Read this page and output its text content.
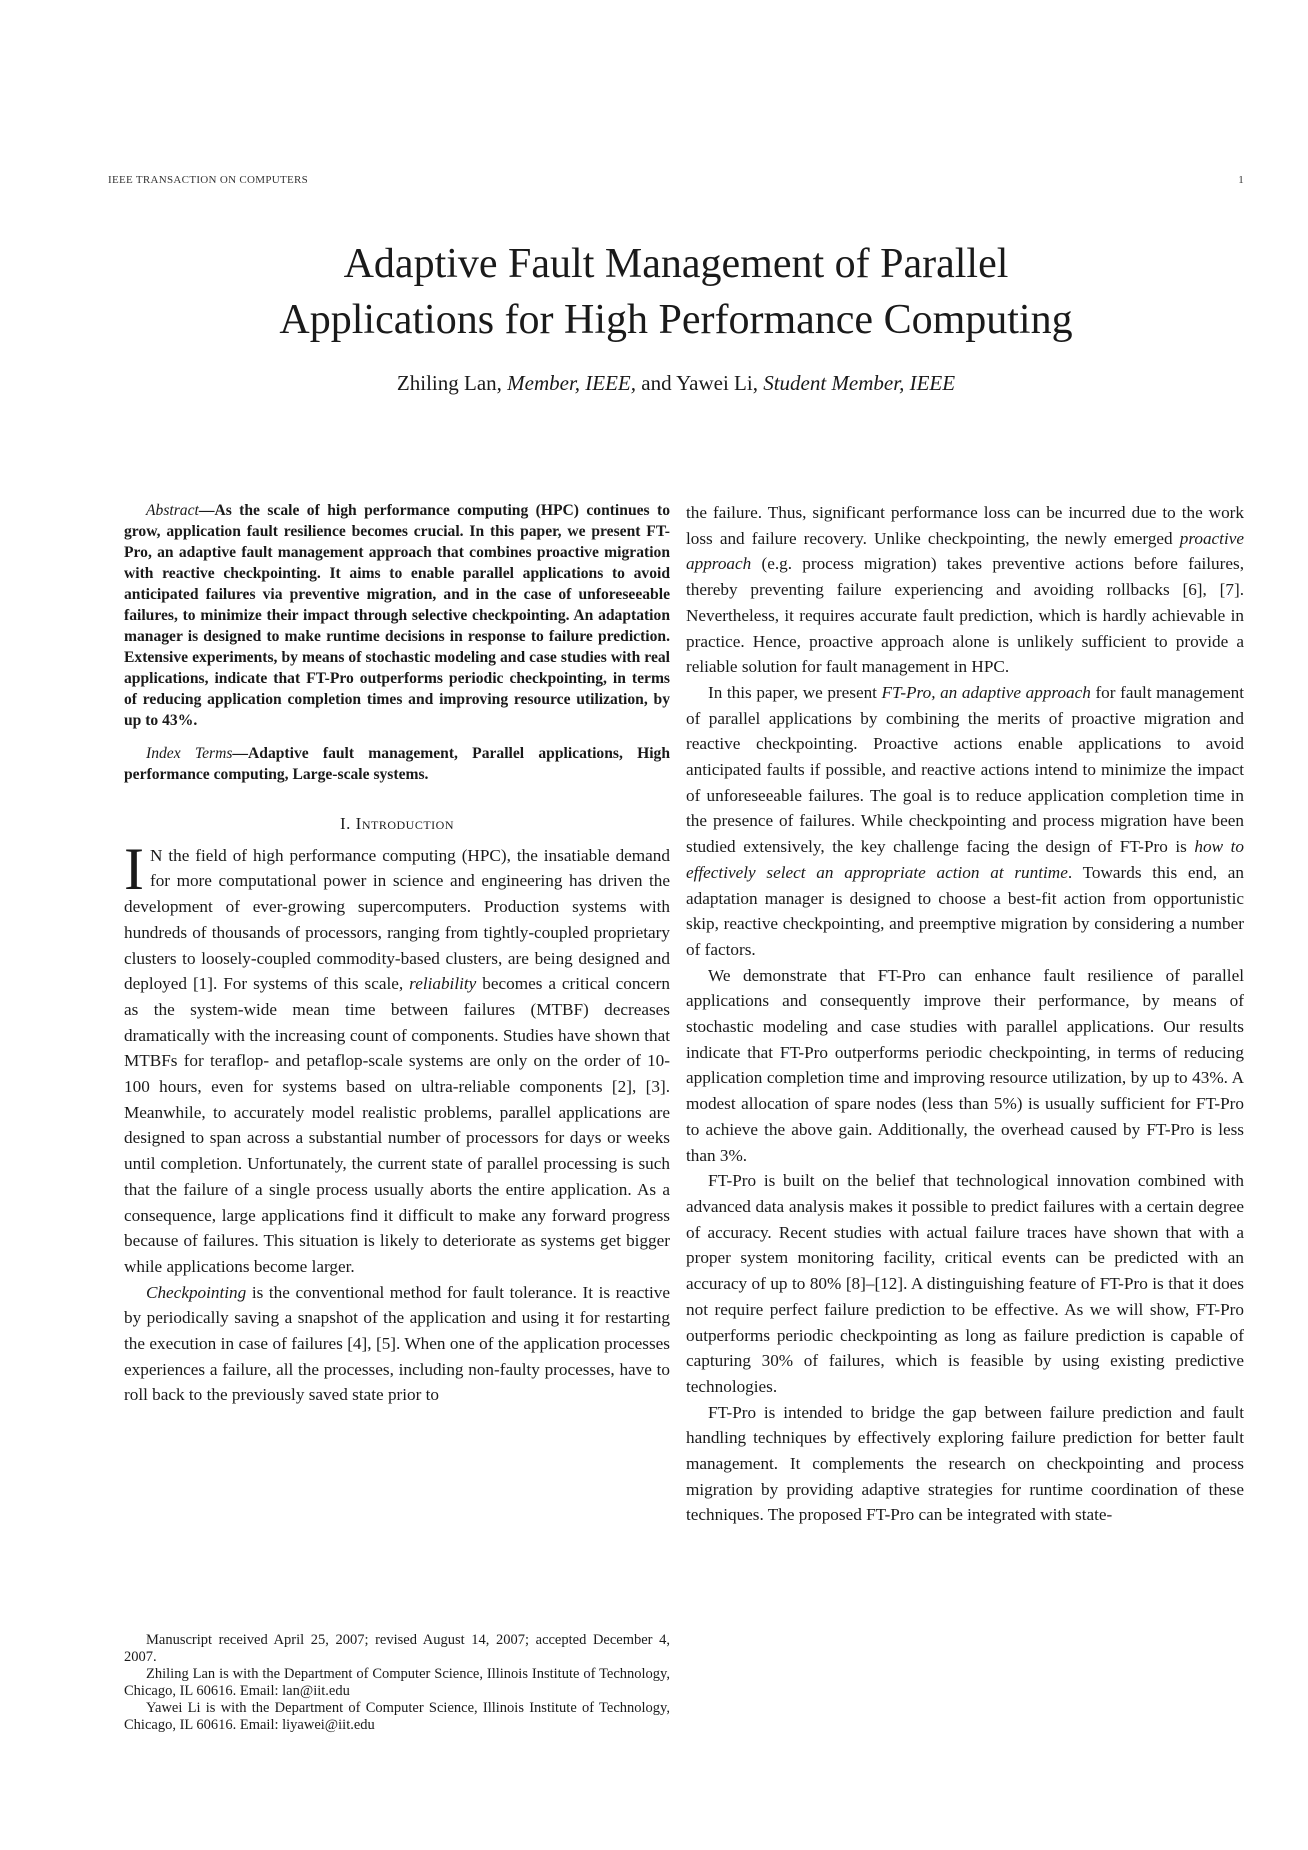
IEEE TRANSACTION ON COMPUTERS	1
Adaptive Fault Management of Parallel
Applications for High Performance Computing
Zhiling Lan, Member, IEEE, and Yawei Li, Student Member, IEEE

Abstract—As the scale of high performance computing (HPC) continues to grow, application fault resilience becomes crucial. In this paper, we present FT-Pro, an adaptive fault management approach that combines proactive migration with reactive checkpointing. It aims to enable parallel applications to avoid anticipated failures via preventive migration, and in the case of unforeseeable failures, to minimize their impact through selective checkpointing. An adaptation manager is designed to make runtime decisions in response to failure prediction. Extensive experiments, by means of stochastic modeling and case studies with real applications, indicate that FT-Pro outperforms periodic checkpointing, in terms of reducing application completion times and improving resource utilization, by up to 43%.

Index Terms—Adaptive fault management, Parallel applications, High performance computing, Large-scale systems.

I. Introduction

I N the field of high performance computing (HPC), the insatiable demand for more computational power in science and engineering has driven the development of ever-growing supercomputers. Production systems with hundreds of thousands of processors, ranging from tightly-coupled proprietary clusters to loosely-coupled commodity-based clusters, are being designed and deployed [1]. For systems of this scale, reliability becomes a critical concern as the system-wide mean time between failures (MTBF) decreases dramatically with the increasing count of components. Studies have shown that MTBFs for teraflop- and petaflop-scale systems are only on the order of 10-100 hours, even for systems based on ultra-reliable components [2], [3]. Meanwhile, to accurately model realistic problems, parallel applications are designed to span across a substantial number of processors for days or weeks until completion. Unfortunately, the current state of parallel processing is such that the failure of a single process usually aborts the entire application. As a consequence, large applications find it difficult to make any forward progress because of failures. This situation is likely to deteriorate as systems get bigger while applications become larger.

Checkpointing is the conventional method for fault tolerance. It is reactive by periodically saving a snapshot of the application and using it for restarting the execution in case of failures [4], [5]. When one of the application processes experiences a failure, all the processes, including non-faulty processes, have to roll back to the previously saved state prior to

Manuscript received April 25, 2007; revised August 14, 2007; accepted December 4, 2007.

Zhiling Lan is with the Department of Computer Science, Illinois Institute of Technology, Chicago, IL 60616. Email: lan@iit.edu

Yawei Li is with the Department of Computer Science, Illinois Institute of Technology, Chicago, IL 60616. Email: liyawei@iit.edu

the failure. Thus, significant performance loss can be incurred due to the work loss and failure recovery. Unlike checkpointing, the newly emerged proactive approach (e.g. process migration) takes preventive actions before failures, thereby preventing failure experiencing and avoiding rollbacks [6], [7]. Nevertheless, it requires accurate fault prediction, which is hardly achievable in practice. Hence, proactive approach alone is unlikely sufficient to provide a reliable solution for fault management in HPC.

In this paper, we present FT-Pro, an adaptive approach for fault management of parallel applications by combining the merits of proactive migration and reactive checkpointing. Proactive actions enable applications to avoid anticipated faults if possible, and reactive actions intend to minimize the impact of unforeseeable failures. The goal is to reduce application completion time in the presence of failures. While checkpointing and process migration have been studied extensively, the key challenge facing the design of FT-Pro is how to effectively select an appropriate action at runtime. Towards this end, an adaptation manager is designed to choose a best-fit action from opportunistic skip, reactive checkpointing, and preemptive migration by considering a number of factors.

We demonstrate that FT-Pro can enhance fault resilience of parallel applications and consequently improve their performance, by means of stochastic modeling and case studies with parallel applications. Our results indicate that FT-Pro outperforms periodic checkpointing, in terms of reducing application completion time and improving resource utilization, by up to 43%. A modest allocation of spare nodes (less than 5%) is usually sufficient for FT-Pro to achieve the above gain. Additionally, the overhead caused by FT-Pro is less than 3%.

FT-Pro is built on the belief that technological innovation combined with advanced data analysis makes it possible to predict failures with a certain degree of accuracy. Recent studies with actual failure traces have shown that with a proper system monitoring facility, critical events can be predicted with an accuracy of up to 80% [8]–[12]. A distinguishing feature of FT-Pro is that it does not require perfect failure prediction to be effective. As we will show, FT-Pro outperforms periodic checkpointing as long as failure prediction is capable of capturing 30% of failures, which is feasible by using existing predictive technologies.

FT-Pro is intended to bridge the gap between failure prediction and fault handling techniques by effectively exploring failure prediction for better fault management. It complements the research on checkpointing and process migration by providing adaptive strategies for runtime coordination of these techniques. The proposed FT-Pro can be integrated with state-
